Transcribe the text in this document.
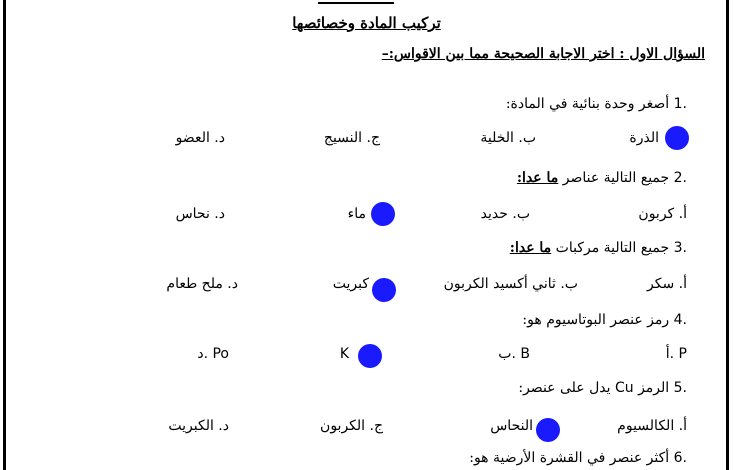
تركيب المادة وخصائصها
السؤال الاول : اختر الاجابة الصحيحة مما بين الاقواس:–
.1 أصغر وحدة بنائية في المادة:
الذرة
ب. الخلية
ج. النسيج
د. العضو
.2 جميع التالية عناصر ما عدا:
أ. كربون
ب. حديد
ماء
د. نحاس
.3 جميع التالية مركبات ما عدا:
أ. سكر
ب. ثاني أكسيد الكربون
كبريت
د. ملح طعام
.4 رمز عنصر البوتاسيوم هو:
P .أ
B .ب
K
Po .د
.5 الرمز Cu يدل على عنصر:
أ. الكالسيوم
النحاس
ج. الكربون
د. الكبريت
.6 أكثر عنصر في القشرة الأرضية هو:
